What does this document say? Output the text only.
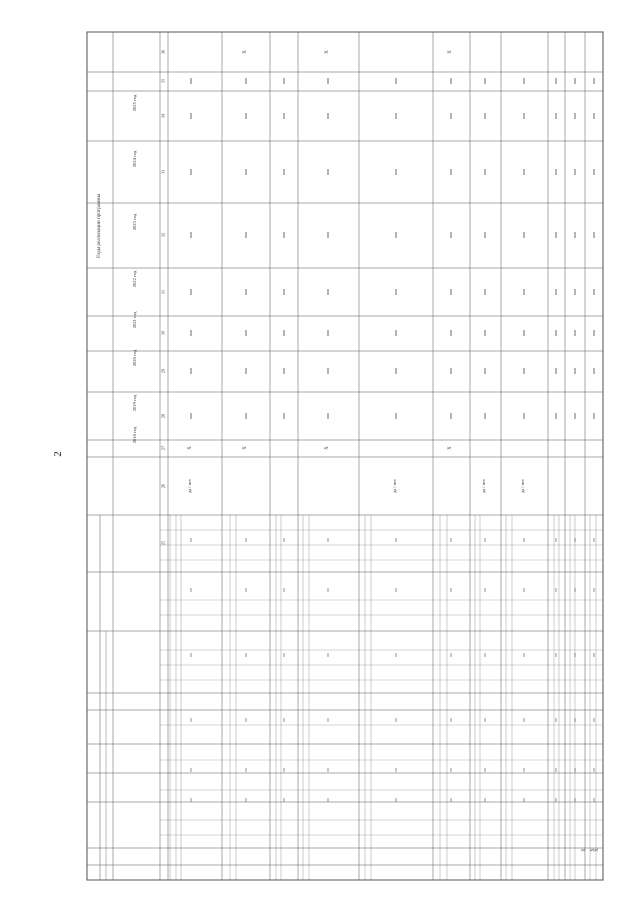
2
Годы реализации программы
36
35
34
33
32
31
30
29
28
27
26
25
2018 год
2019 год
2020 год
2021 год
2022 год
2023 год
2024 год
2025 год
да / нет
X	X
X
X
X
да / нет
X
X
да / нет	да / нет
X X X
